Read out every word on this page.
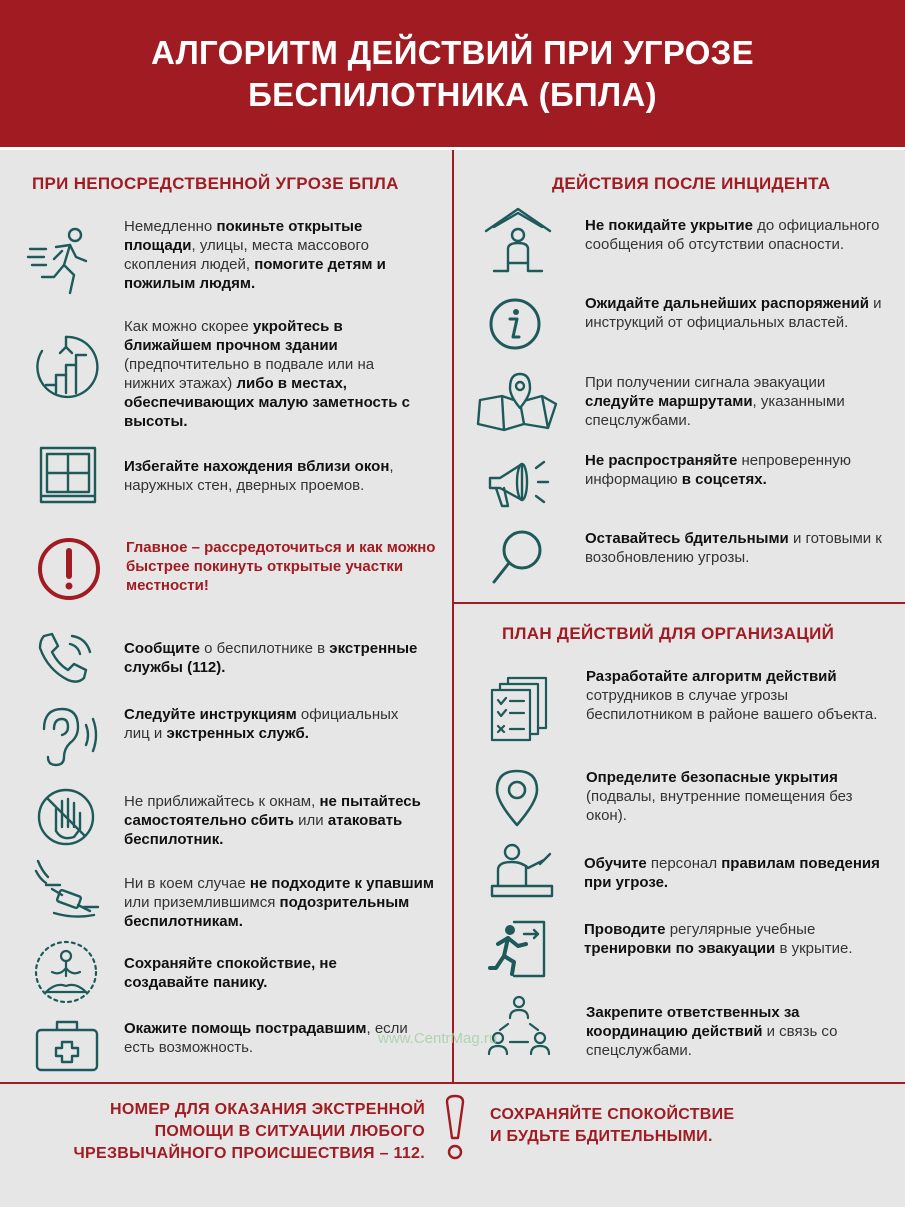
АЛГОРИТМ ДЕЙСТВИЙ ПРИ УГРОЗЕ
БЕСПИЛОТНИКА (БПЛА)
ПРИ НЕПОСРЕДСТВЕННОЙ УГРОЗЕ БПЛА	ДЕЙСТВИЯ ПОСЛЕ ИНЦИДЕНТА
ПЛАН ДЕЙСТВИЙ ДЛЯ ОРГАНИЗАЦИЙ
Немедленно покиньте открытые площади, улицы, места массового скопления людей, помогите детям и пожилым людям.
Как можно скорее укройтесь в ближайшем прочном здании (предпочтительно в подвале или на нижних этажах) либо в местах, обеспечивающих малую заметность с высоты.
Избегайте нахождения вблизи окон, наружных стен, дверных проемов.
Главное – рассредоточиться и как можно быстрее покинуть открытые участки местности!
Сообщите о беспилотнике в экстренные службы (112).
Следуйте инструкциям официальных лиц и экстренных служб.
Не приближайтесь к окнам, не пытайтесь самостоятельно сбить или атаковать беспилотник.
Ни в коем случае не подходите к упавшим или приземлившимся подозрительным беспилотникам.
Сохраняйте спокойствие, не создавайте панику.
Окажите помощь пострадавшим, если есть возможность.
Не покидайте укрытие до официального сообщения об отсутствии опасности.
Ожидайте дальнейших распоряжений и инструкций от официальных властей.
При получении сигнала эвакуации следуйте маршрутами, указанными спецслужбами.
Не распространяйте непроверенную информацию в соцсетях.
Оставайтесь бдительными и готовыми к возобновлению угрозы.
Разработайте алгоритм действий сотрудников в случае угрозы беспилотником в районе вашего объекта.
Определите безопасные укрытия (подвалы, внутренние помещения без окон).
Обучите персонал правилам поведения при угрозе.
Проводите регулярные учебные тренировки по эвакуации в укрытие.
Закрепите ответственных за координацию действий и связь со спецслужбами.
www.CentrMag.ru
НОМЕР ДЛЯ ОКАЗАНИЯ ЭКСТРЕННОЙ
ПОМОЩИ В СИТУАЦИИ ЛЮБОГО
ЧРЕЗВЫЧАЙНОГО ПРОИСШЕСТВИЯ – 112.
СОХРАНЯЙТЕ СПОКОЙСТВИЕ
И БУДЬТЕ БДИТЕЛЬНЫМИ.
